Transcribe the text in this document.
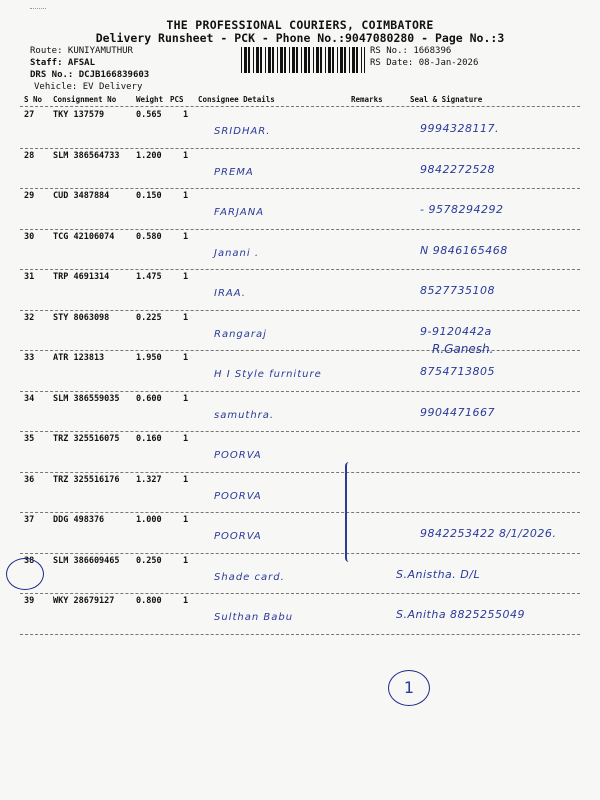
THE PROFESSIONAL COURIERS, COIMBATORE
Delivery Runsheet - PCK - Phone No.:9047080280 - Page No.:3
Route: KUNIYAMUTHUR
Staff: AFSAL
DRS No.: DCJB166839603
Vehicle: EV Delivery
RS No.: 1668396
RS Date: 08-Jan-2026
S No Consignment No	Weight PCS Consignee Details	Remarks	Seal & Signature
27 TKY 137579	0.565	1
SRIDHAR.	9994328117.
28 SLM 386564733 1.200	1
PREMA	9842272528
29 CUD 3487884	0.150	1
FARJANA	- 9578294292
30 TCG 42106074	0.580	1
Janani .	N 9846165468
31 TRP 4691314	1.475	1
IRAA.	8527735108
32 STY 8063098	0.225	1
Rangaraj	9-9120442a
33 ATR 123813	1.950	1
H I Style furniture	8754713805
34 SLM 386559035 0.600	1
samuthra.	9904471667
35 TRZ 325516075 0.160	1
POORVA
36 TRZ 325516176 1.327	1
POORVA
37 DDG 498376	1.000	1
POORVA	9842253422 8/1/2026.
38 SLM 386609465 0.250	1
Shade card.	S.Anistha. D/L
39 WKY 28679127	0.800	1
Sulthan Babu	S.Anitha 8825255049
R.Ganesh.
1
